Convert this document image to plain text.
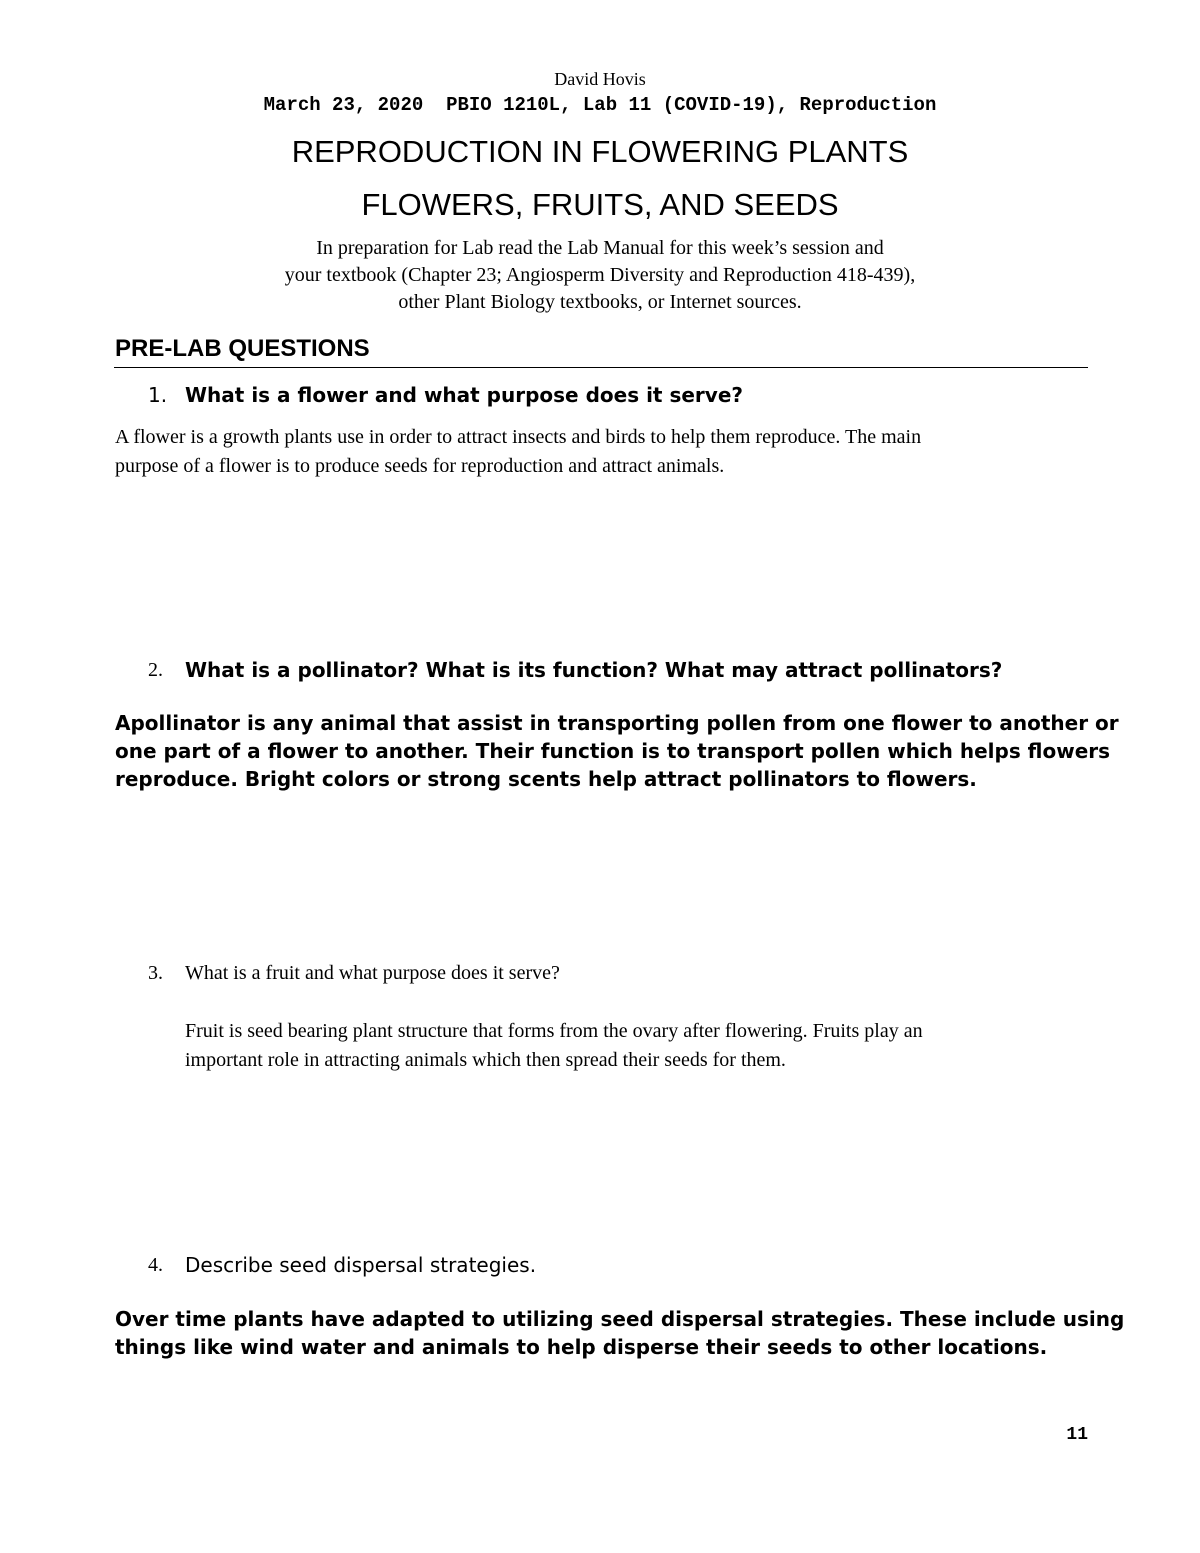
David Hovis
March 23, 2020  PBIO 1210L, Lab 11 (COVID-19), Reproduction
REPRODUCTION IN FLOWERING PLANTS
FLOWERS, FRUITS, AND SEEDS
In preparation for Lab read the Lab Manual for this week’s session and
your textbook (Chapter 23; Angiosperm Diversity and Reproduction 418-439),
other Plant Biology textbooks, or Internet sources.
PRE-LAB QUESTIONS
1. What is a flower and what purpose does it serve?
A flower is a growth plants use in order to attract insects and birds to help them reproduce. The main
purpose of a flower is to produce seeds for reproduction and attract animals.
2. What is a pollinator? What is its function? What may attract pollinators?
Apollinator is any animal that assist in transporting pollen from one flower to another or
one part of a flower to another. Their function is to transport pollen which helps flowers
reproduce. Bright colors or strong scents help attract pollinators to flowers.
3. What is a fruit and what purpose does it serve?
Fruit is seed bearing plant structure that forms from the ovary after flowering. Fruits play an
important role in attracting animals which then spread their seeds for them.
4. Describe seed dispersal strategies.
Over time plants have adapted to utilizing seed dispersal strategies. These include using
things like wind water and animals to help disperse their seeds to other locations.
11
